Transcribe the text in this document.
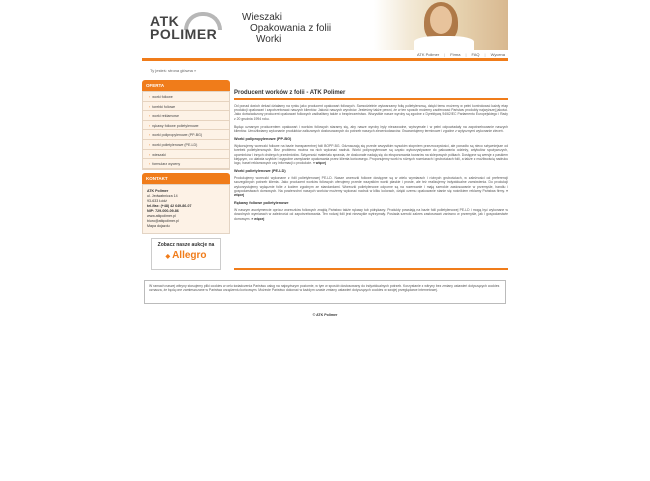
ATK
POLIMER
Wieszaki
Opakowania z folii
Worki
ATK Polimer | Firma | FAQ | Wycena
Ty jesteś: strona główna »
OFERTA
› worki foliowe
› torebki foliowe
› worki reklamowe
› rękawy foliowe polietylenowe
› worki polipropylenowe (PP-BG)
› worki polietylenowe (PE-LD)
› wieszaki
› formularz wyceny
KONTAKT
ATK Polimer
ul. Jedwabnicza 14
93-633 Łódź
tel./fax: (+48) 42 649-86-07
NIP: 729-000-09-86
www.atkpolimer.pl
biuro@atkpolimer.pl
Mapa dojazdu
Zobacz nasze aukcje na
◆ Allegro
Producent worków z folii - ATK Polimer
Od ponad dwóch dekad działamy na rynku jako producent opakowań foliowych. Samodzielnie wytwarzamy folię polietylenową, dzięki temu możemy w pełni kontrolować każdy etap produkcji opakowań i zapotrzebować naszych klientów. Jakość naszych wyrobów. Jesteśmy także pewni, że w ten sposób możemy zaoferować Państwu produkty najwyższej jakości. Jako doświadczony producent opakowań foliowych zadbaliśmy także o bezpieczeństwo. Wszystkie nasze wyroby są zgodne z Dyrektywą 94/62/EC Parlamentu Europejskiego i Rady z 20 grudnia 1994 roku.
Będąc uznanym producentem opakowań i worków foliowych staramy się, aby nasze wyroby były niezawodne, wytrzymałe i w pełni odpowiadały na zapotrzebowanie naszych klientów. Umożliwiamy wykonanie produktów zaliczanych dostosowanych do potrzeb naszych zleceniodawców. Gwarantujemy terminowe i zgodne z wytycznymi wykonanie zleceń.
Worki polipropylenowe (PP-BG)
Wykonujemy woreczki foliowe na bazie transparentnej folii BOPP-BG. Odznaczają się przede wszystkim wysokim stopniem przezroczystości, ale ponadto są nieco sztywniejsze od torebek polietylenowych. Bez problemu można na nich wykonać nadruk. Worki polipropylenowe są często wykorzystywane do pakowania odzieży, artykułów spożywczych, upominków i innych drobnych przedmiotów. Sztywność materiału sprawia, że doskonale nadają się do eksponowania towarów na sklepowych półkach. Dostępne są wersje z paskiem klejącym, co ułatwia szybkie i wygodne zamykanie opakowania przez klienta końcowego. Proponujemy worki w różnych rozmiarach i grubościach folii, a także z możliwością nadruku logo, haseł reklamowych czy informacji o produkcie. » więcej
Worki polietylenowe (PE-LD)
Produkujemy woreczki wykonane z folii polietylenowej PE-LD. Nasze woreczki foliowe dostępne są w wielu wymiarach i różnych grubościach, w zależności od preferencji szczególnych potrzeb klienta. Jako producent worków foliowych oferujemy przede wszystkim worki płaskie i proste, ale też realizujemy indywidualne zamówienia. Do produkcji wykorzystujemy wyłącznie folie z kodem zgodnym ze standardami. Woreczki polietylenowe odporne są na rozerwanie i mają szerokie zastosowanie w przemyśle, handlu i gospodarstwach domowych. Na powierzchni naszych worków możemy wykonać nadruk w kilku kolorach, dzięki czemu opakowanie stanie się nośnikiem reklamy Państwa firmy. » więcej
Rękawy foliowe polietylenowe
W naszym asortymencie oprócz woreczków foliowych znajdą Państwo także rękawy tub półrękawy. Produkty powstają na bazie folii polietylenowej PE-LD i mogą być wykonane w dowolnych wymiarach w zależności od zapotrzebowania. Ten rodzaj folii jest niezwykle wytrzymały. Posiada szeroki zakres zastosowań zarówno w przemyśle, jak i gospodarstwie domowym. » więcej
W ramach naszej witryny stosujemy pliki cookies w celu świadczenia Państwu usług na najwyższym poziomie, w tym w sposób dostosowany do indywidualnych potrzeb. Korzystanie z witryny bez zmiany ustawień dotyczących cookies oznacza, że będą one zamieszczane w Państwa urządzeniu końcowym. Możecie Państwo dokonać w każdym czasie zmiany ustawień dotyczących cookies w swojej przeglądarce internetowej.
© ATK Polimer
